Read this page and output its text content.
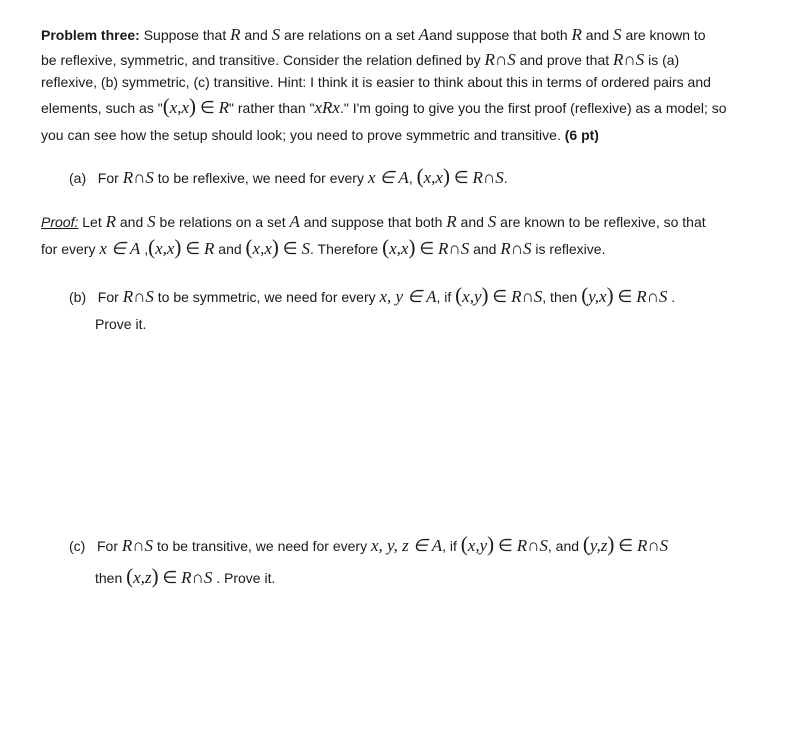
Problem three: Suppose that R and S are relations on a set Aand suppose that both R and S are known to
be reflexive, symmetric, and transitive. Consider the relation defined by R∩S and prove that R∩S is (a)
reflexive, (b) symmetric, (c) transitive. Hint: I think it is easier to think about this in terms of ordered pairs and
elements, such as "(x,x) ∈ R" rather than "xRx." I'm going to give you the first proof (reflexive) as a model; so
you can see how the setup should look; you need to prove symmetric and transitive. (6 pt)
(a) For R∩S to be reflexive, we need for every x ∈ A, (x,x) ∈ R∩S.
Proof: Let R and S be relations on a set A and suppose that both R and S are known to be reflexive, so that
for every x ∈ A ,(x,x) ∈ R and (x,x) ∈ S. Therefore (x,x) ∈ R∩S and R∩S is reflexive.
(b) For R∩S to be symmetric, we need for every x, y ∈ A, if (x,y) ∈ R∩S, then (y,x) ∈ R∩S .
Prove it.
(c) For R∩S to be transitive, we need for every x, y, z ∈ A, if (x,y) ∈ R∩S, and (y,z) ∈ R∩S
then (x,z) ∈ R∩S . Prove it.
